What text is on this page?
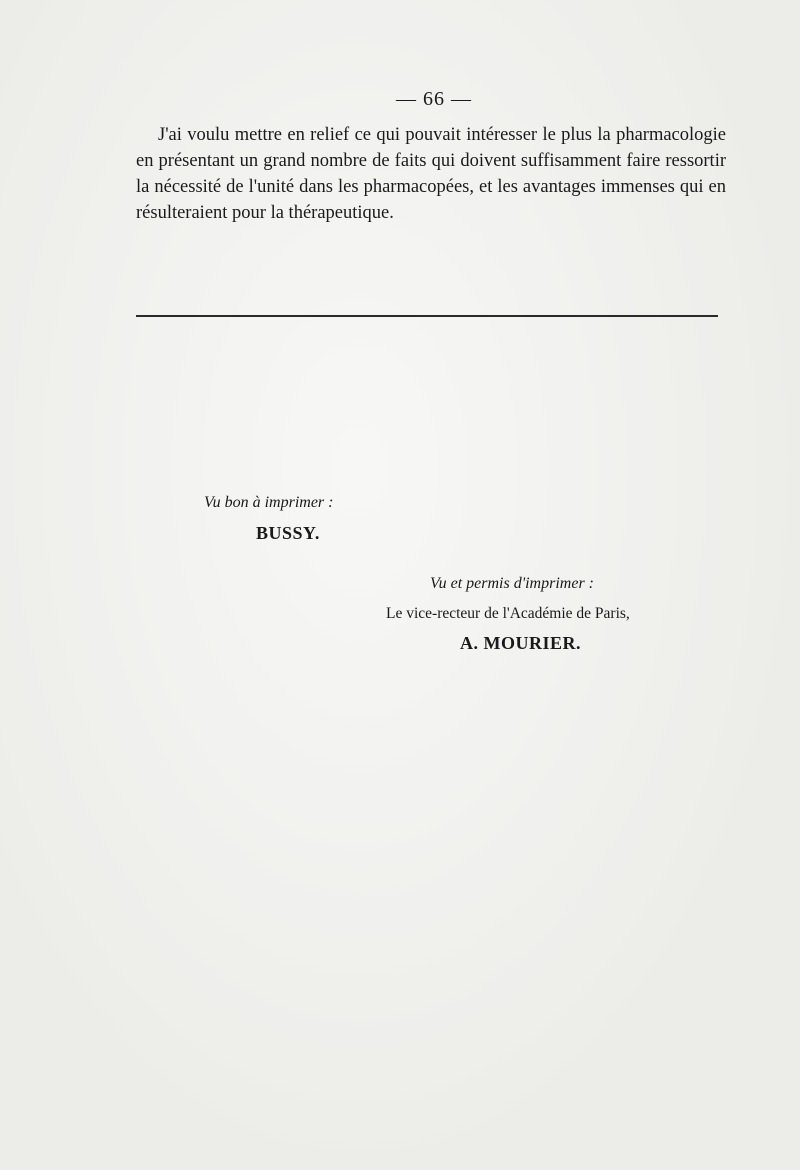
— 66 —

J'ai voulu mettre en relief ce qui pouvait intéresser le plus la pharmacologie en présentant un grand nombre de faits qui doivent suffisamment faire ressortir la nécessité de l'unité dans les pharmacopées, et les avantages immenses qui en résulteraient pour la thérapeutique.

Vu bon à imprimer :
BUSSY.
Vu et permis d'imprimer :
Le vice-recteur de l'Académie de Paris,
A. MOURIER.
